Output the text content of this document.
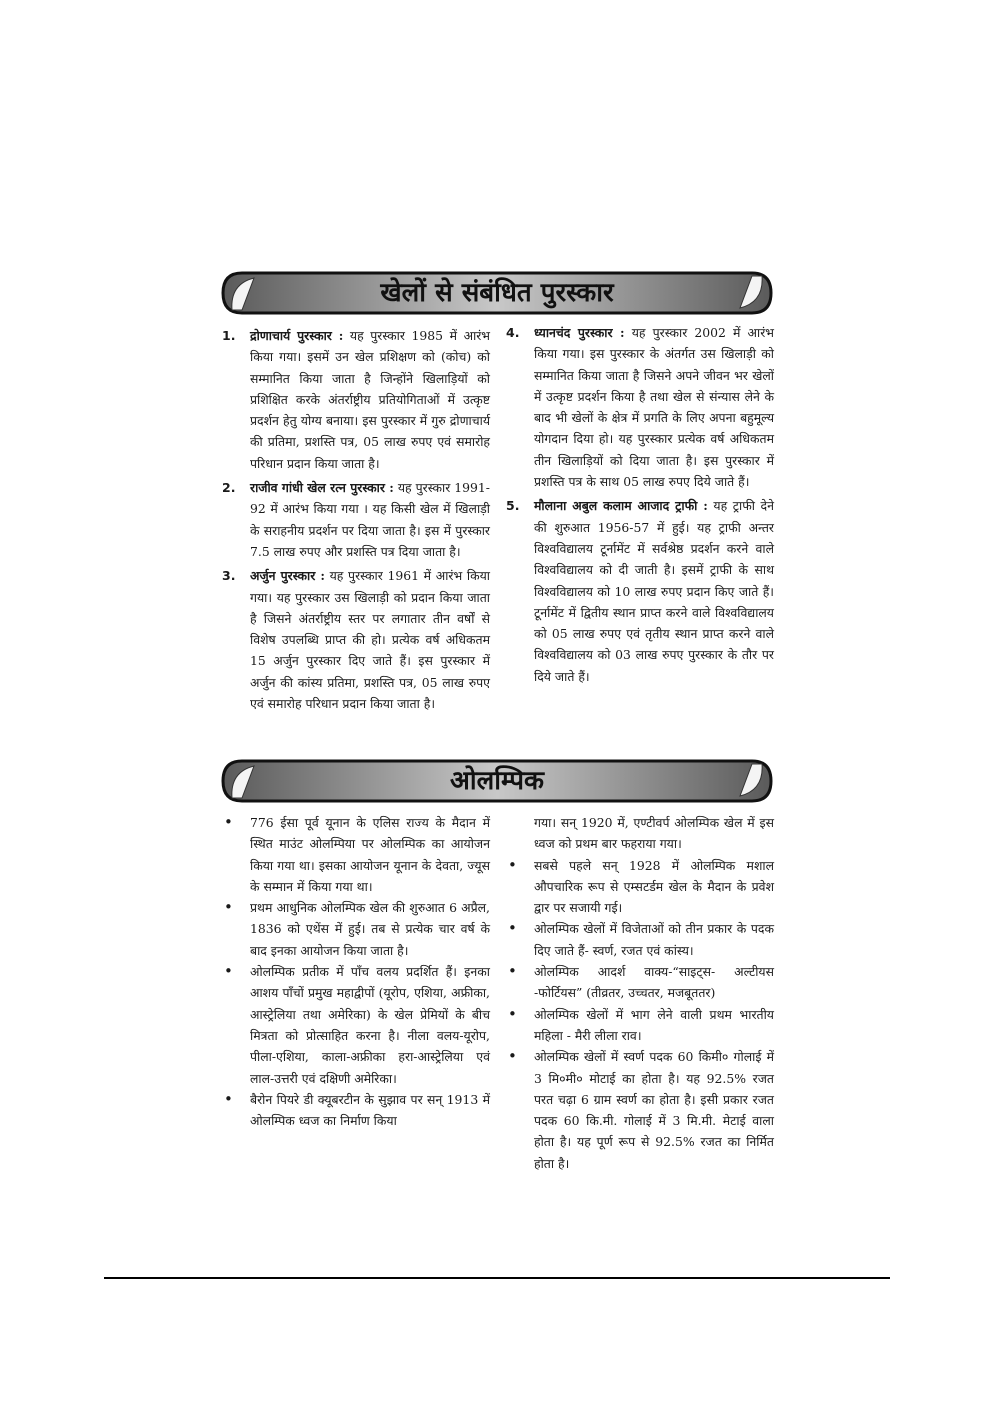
खेलों से संबंधित पुरस्कार
1. द्रोणाचार्य पुरस्कार : यह पुरस्कार 1985 में आरंभ किया गया। इसमें उन खेल प्रशिक्षण को (कोच) को सम्मानित किया जाता है जिन्होंने खिलाड़ियों को प्रशिक्षित करके अंतर्राष्ट्रीय प्रतियोगिताओं में उत्कृष्ट प्रदर्शन हेतु योग्य बनाया। इस पुरस्कार में गुरु द्रोणाचार्य की प्रतिमा, प्रशस्ति पत्र, 05 लाख रुपए एवं समारोह परिधान प्रदान किया जाता है।
2. राजीव गांधी खेल रत्न पुरस्कार : यह पुरस्कार 1991-92 में आरंभ किया गया । यह किसी खेल में खिलाड़ी के सराहनीय प्रदर्शन पर दिया जाता है। इस में पुरस्कार 7.5 लाख रुपए और प्रशस्ति पत्र दिया जाता है।
3. अर्जुन पुरस्कार : यह पुरस्कार 1961 में आरंभ किया गया। यह पुरस्कार उस खिलाड़ी को प्रदान किया जाता है जिसने अंतर्राष्ट्रीय स्तर पर लगातार तीन वर्षों से विशेष उपलब्धि प्राप्त की हो। प्रत्येक वर्ष अधिकतम 15 अर्जुन पुरस्कार दिए जाते हैं। इस पुरस्कार में अर्जुन की कांस्य प्रतिमा, प्रशस्ति पत्र, 05 लाख रुपए एवं समारोह परिधान प्रदान किया जाता है।
4. ध्यानचंद पुरस्कार : यह पुरस्कार 2002 में आरंभ किया गया। इस पुरस्कार के अंतर्गत उस खिलाड़ी को सम्मानित किया जाता है जिसने अपने जीवन भर खेलों में उत्कृष्ट प्रदर्शन किया है तथा खेल से संन्यास लेने के बाद भी खेलों के क्षेत्र में प्रगति के लिए अपना बहुमूल्य योगदान दिया हो। यह पुरस्कार प्रत्येक वर्ष अधिकतम तीन खिलाड़ियों को दिया जाता है। इस पुरस्कार में प्रशस्ति पत्र के साथ 05 लाख रुपए दिये जाते हैं।
5. मौलाना अबुल कलाम आजाद ट्राफी : यह ट्राफी देने की शुरुआत 1956-57 में हुई। यह ट्राफी अन्तर विश्वविद्यालय टूर्नामेंट में सर्वश्रेष्ठ प्रदर्शन करने वाले विश्वविद्यालय को दी जाती है। इसमें ट्राफी के साथ विश्वविद्यालय को 10 लाख रुपए प्रदान किए जाते हैं। टूर्नामेंट में द्वितीय स्थान प्राप्त करने वाले विश्वविद्यालय को 05 लाख रुपए एवं तृतीय स्थान प्राप्त करने वाले विश्वविद्यालय को 03 लाख रुपए पुरस्कार के तौर पर दिये जाते हैं।
ओलम्पिक
• 776 ईसा पूर्व यूनान के एलिस राज्य के मैदान में स्थित माउंट ओलम्पिया पर ओलम्पिक का आयोजन किया गया था। इसका आयोजन यूनान के देवता, ज्यूस के सम्मान में किया गया था।
• प्रथम आधुनिक ओलम्पिक खेल की शुरुआत 6 अप्रैल, 1836 को एथेंस में हुई। तब से प्रत्येक चार वर्ष के बाद इनका आयोजन किया जाता है।
• ओलम्पिक प्रतीक में पाँच वलय प्रदर्शित हैं। इनका आशय पाँचों प्रमुख महाद्वीपों (यूरोप, एशिया, अफ्रीका, आस्ट्रेलिया तथा अमेरिका) के खेल प्रेमियों के बीच मित्रता को प्रोत्साहित करना है। नीला वलय-यूरोप, पीला-एशिया, काला-अफ्रीका हरा-आस्ट्रेलिया एवं लाल-उत्तरी एवं दक्षिणी अमेरिका।
• बैरोन पियरे डी क्यूबरटीन के सुझाव पर सन् 1913 में ओलम्पिक ध्वज का निर्माण किया
गया। सन् 1920 में, एण्टीवर्प ओलम्पिक खेल में इस ध्वज को प्रथम बार फहराया गया।
• सबसे पहले सन् 1928 में ओलम्पिक मशाल औपचारिक रूप से एम्सटर्डम खेल के मैदान के प्रवेश द्वार पर सजायी गई।
• ओलम्पिक खेलों में विजेताओं को तीन प्रकार के पदक दिए जाते हैं- स्वर्ण, रजत एवं कांस्य।
• ओलम्पिक आदर्श वाक्य-“साइट्स- अल्टीयस -फोर्टियस” (तीव्रतर, उच्चतर, मजबूततर)
• ओलम्पिक खेलों में भाग लेने वाली प्रथम भारतीय महिला - मैरी लीला राव।
• ओलम्पिक खेलों में स्वर्ण पदक 60 किमी० गोलाई में 3 मि०मी० मोटाई का होता है। यह 92.5% रजत परत चढ़ा 6 ग्राम स्वर्ण का होता है। इसी प्रकार रजत पदक 60 कि.मी. गोलाई में 3 मि.मी. मेटाई वाला होता है। यह पूर्ण रूप से 92.5% रजत का निर्मित होता है।
